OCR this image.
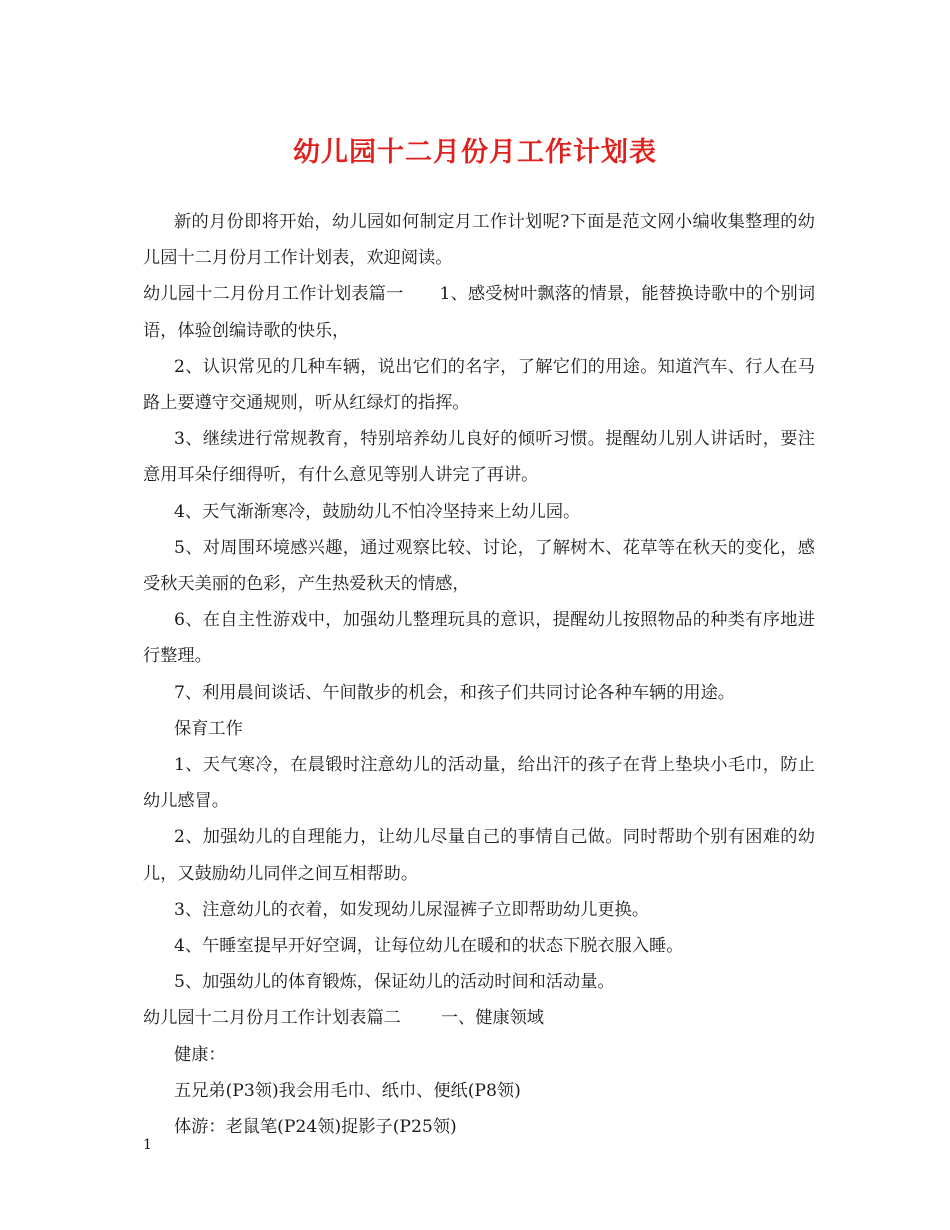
幼儿园十二月份月工作计划表

新的月份即将开始，幼儿园如何制定月工作计划呢?下面是范文网小编收集整理的幼儿园十二月份月工作计划表，欢迎阅读。

幼儿园十二月份月工作计划表篇一 1、感受树叶飘落的情景，能替换诗歌中的个别词语，体验创编诗歌的快乐，

2、认识常见的几种车辆，说出它们的名字，了解它们的用途。知道汽车、行人在马路上要遵守交通规则，听从红绿灯的指挥。

3、继续进行常规教育，特别培养幼儿良好的倾听习惯。提醒幼儿别人讲话时，要注意用耳朵仔细得听，有什么意见等别人讲完了再讲。

4、天气渐渐寒冷，鼓励幼儿不怕冷坚持来上幼儿园。

5、对周围环境感兴趣，通过观察比较、讨论，了解树木、花草等在秋天的变化，感受秋天美丽的色彩，产生热爱秋天的情感，

6、在自主性游戏中，加强幼儿整理玩具的意识，提醒幼儿按照物品的种类有序地进行整理。

7、利用晨间谈话、午间散步的机会，和孩子们共同讨论各种车辆的用途。

保育工作

1、天气寒冷，在晨锻时注意幼儿的活动量，给出汗的孩子在背上垫块小毛巾，防止幼儿感冒。

2、加强幼儿的自理能力，让幼儿尽量自己的事情自己做。同时帮助个别有困难的幼儿，又鼓励幼儿同伴之间互相帮助。

3、注意幼儿的衣着，如发现幼儿尿湿裤子立即帮助幼儿更换。

4、午睡室提早开好空调，让每位幼儿在暖和的状态下脱衣服入睡。

5、加强幼儿的体育锻炼，保证幼儿的活动时间和活动量。

幼儿园十二月份月工作计划表篇二 一、健康领域

健康：

五兄弟(P3领)我会用毛巾、纸巾、便纸(P8领)

体游：老鼠笔(P24领)捉影子(P25领)

1
